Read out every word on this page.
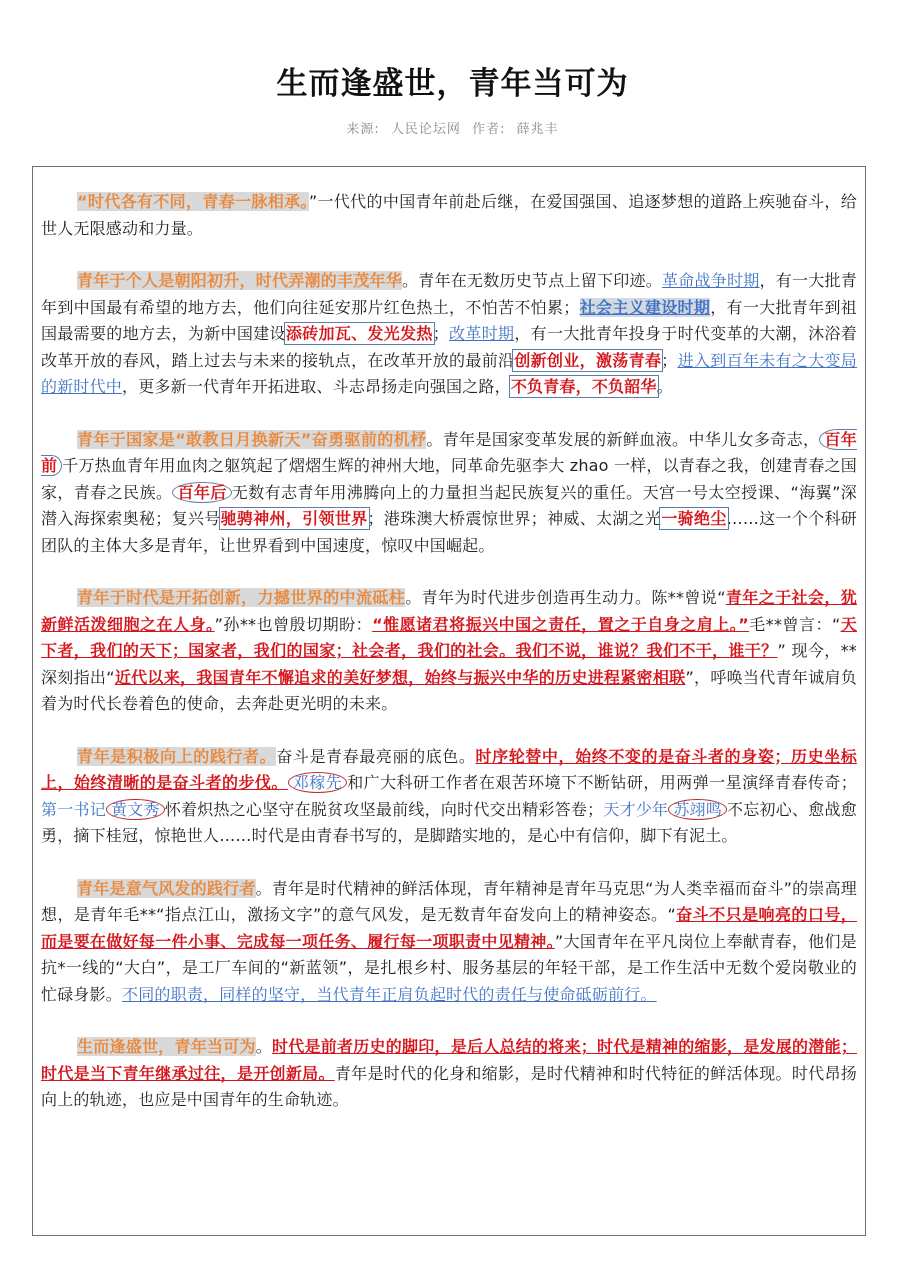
生而逢盛世，青年当可为
来源: 人民论坛网 作者: 薛兆丰

“时代各有不同，青春一脉相承。”一代代的中国青年前赴后继，在爱国强国、追逐梦想的道路上疾驰奋斗，给世人无限感动和力量。

青年于个人是朝阳初升，时代弄潮的丰茂年华。青年在无数历史节点上留下印迹。革命战争时期，有一大批青年到中国最有希望的地方去，他们向往延安那片红色热土，不怕苦不怕累；社会主义建设时期，有一大批青年到祖国最需要的地方去，为新中国建设添砖加瓦、发光发热；改革时期，有一大批青年投身于时代变革的大潮，沐浴着改革开放的春风，踏上过去与未来的接轨点，在改革开放的最前沿创新创业，激荡青春；进入到百年未有之大变局的新时代中，更多新一代青年开拓进取、斗志昂扬走向强国之路，不负青春，不负韶华。

青年于国家是“敢教日月换新天”奋勇驱前的机杼。青年是国家变革发展的新鲜血液。中华儿女多奇志， 百年前 千万热血青年用血肉之躯筑起了熠熠生辉的神州大地，同革命先驱李大 zhao 一样，以青春之我，创建青春之国家，青春之民族。 百年后 无数有志青年用沸腾向上的力量担当起民族复兴的重任。天宫一号太空授课、“海翼”深潜入海探索奥秘；复兴号驰骋神州，引领世界；港珠澳大桥震惊世界；神威、太湖之光一骑绝尘……这一个个科研团队的主体大多是青年，让世界看到中国速度，惊叹中国崛起。

青年于时代是开拓创新，力撼世界的中流砥柱。青年为时代进步创造再生动力。陈**曾说“青年之于社会，犹新鲜活泼细胞之在人身。”孙**也曾殷切期盼：“惟愿诸君将振兴中国之责任，置之于自身之肩上。”毛**曾言：“天下者，我们的天下；国家者，我们的国家；社会者，我们的社会。我们不说，谁说？我们不干，谁干？” 现今，**深刻指出“近代以来，我国青年不懈追求的美好梦想，始终与振兴中华的历史进程紧密相联”，呼唤当代青年诚肩负着为时代长卷着色的使命，去奔赴更光明的未来。

青年是积极向上的践行者。奋斗是青春最亮丽的底色。时序轮替中，始终不变的是奋斗者的身姿；历史坐标上，始终清晰的是奋斗者的步伐。 邓稼先 和广大科研工作者在艰苦环境下不断钻研，用两弹一星演绎青春传奇；第一书记 黄文秀 怀着炽热之心坚守在脱贫攻坚最前线，向时代交出精彩答卷；天才少年 苏翊鸣 不忘初心、愈战愈勇，摘下桂冠，惊艳世人……时代是由青春书写的，是脚踏实地的，是心中有信仰，脚下有泥土。

青年是意气风发的践行者。青年是时代精神的鲜活体现，青年精神是青年马克思“为人类幸福而奋斗”的崇高理想，是青年毛**“指点江山，激扬文字”的意气风发，是无数青年奋发向上的精神姿态。“奋斗不只是响亮的口号，而是要在做好每一件小事、完成每一项任务、履行每一项职责中见精神。”大国青年在平凡岗位上奉献青春，他们是抗*一线的“大白”，是工厂车间的“新蓝领”，是扎根乡村、服务基层的年轻干部，是工作生活中无数个爱岗敬业的忙碌身影。不同的职责，同样的坚守，当代青年正肩负起时代的责任与使命砥砺前行。

生而逢盛世，青年当可为。时代是前者历史的脚印，是后人总结的将来；时代是精神的缩影，是发展的潜能；时代是当下青年继承过往，是开创新局。青年是时代的化身和缩影，是时代精神和时代特征的鲜活体现。时代昂扬向上的轨迹，也应是中国青年的生命轨迹。
